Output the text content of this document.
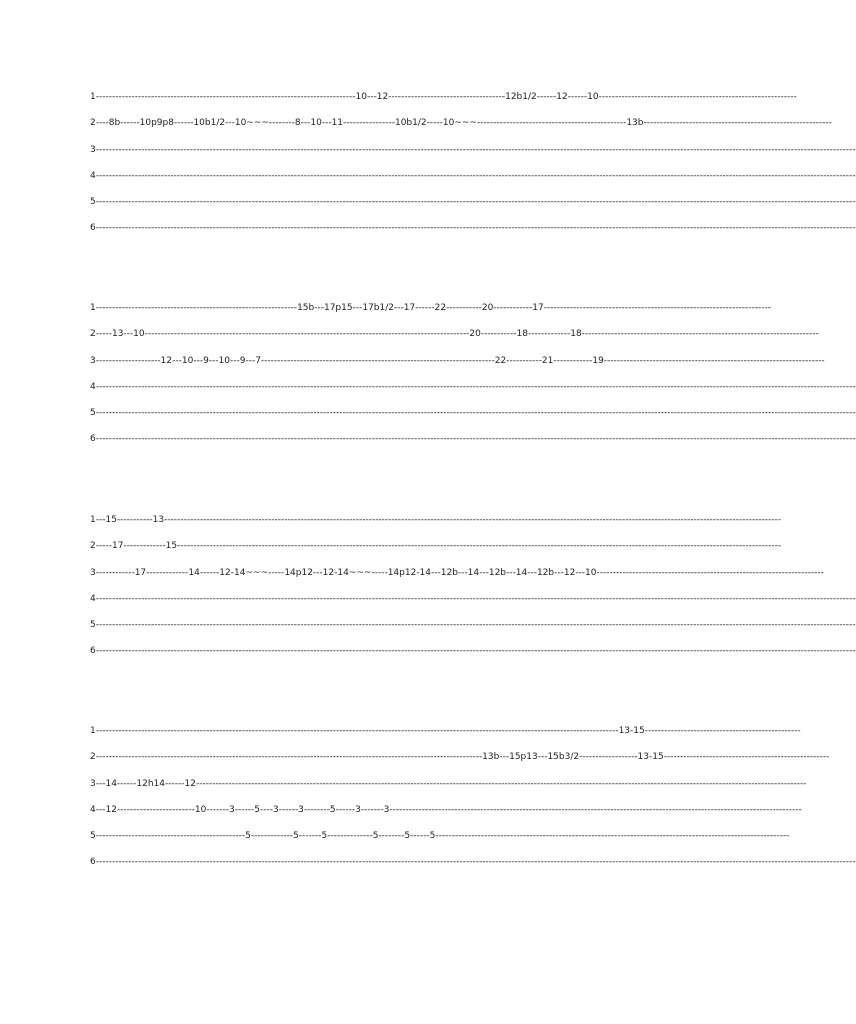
1--------------------------------------------------------------------------------10---12------------------------------------12b1/2------12------10-------------------------------------------------------------
2----8b------10p9p8------10b1/2---10~~~--------8---10---11----------------10b1/2-----10~~~----------------------------------------------13b----------------------------------------------------------
3------------------------------------------------------------------------------------------------------------------------------------------------------------------------------------------------------------------------------------------
4------------------------------------------------------------------------------------------------------------------------------------------------------------------------------------------------------------------------------------------
5------------------------------------------------------------------------------------------------------------------------------------------------------------------------------------------------------------------------------------------
6------------------------------------------------------------------------------------------------------------------------------------------------------------------------------------------------------------------------------------------
1--------------------------------------------------------------15b---17p15---17b1/2---17------22-----------20------------17----------------------------------------------------------------------
2-----13---10----------------------------------------------------------------------------------------------------20-----------18-------------18-------------------------------------------------------------------------
3--------------------12---10---9---10---9---7------------------------------------------------------------------------22-----------21------------19--------------------------------------------------------------------
4------------------------------------------------------------------------------------------------------------------------------------------------------------------------------------------------------------------------------------------
5------------------------------------------------------------------------------------------------------------------------------------------------------------------------------------------------------------------------------------------
6------------------------------------------------------------------------------------------------------------------------------------------------------------------------------------------------------------------------------------------
1---15-----------13----------------------------------------------------------------------------------------------------------------------------------------------------------------------------------------------
2-----17-------------15------------------------------------------------------------------------------------------------------------------------------------------------------------------------------------------
3------------17-------------14------12-14~~~-----14p12---12-14~~~-----14p12-14---12b---14---12b---14---12b---12---10----------------------------------------------------------------------
4------------------------------------------------------------------------------------------------------------------------------------------------------------------------------------------------------------------------------------------
5------------------------------------------------------------------------------------------------------------------------------------------------------------------------------------------------------------------------------------------
6------------------------------------------------------------------------------------------------------------------------------------------------------------------------------------------------------------------------------------------
1-----------------------------------------------------------------------------------------------------------------------------------------------------------------13-15------------------------------------------------
2-----------------------------------------------------------------------------------------------------------------------13b---15p13---15b3/2------------------13-15---------------------------------------------------
3---14------12h14------12--------------------------------------------------------------------------------------------------------------------------------------------------------------------------------------------
4---12------------------------10-------3------5----3------3--------5------3-------3-------------------------------------------------------------------------------------------------------------------------------
5----------------------------------------------5-------------5-------5--------------5--------5------5-------------------------------------------------------------------------------------------------------------
6------------------------------------------------------------------------------------------------------------------------------------------------------------------------------------------------------------------------------------------
